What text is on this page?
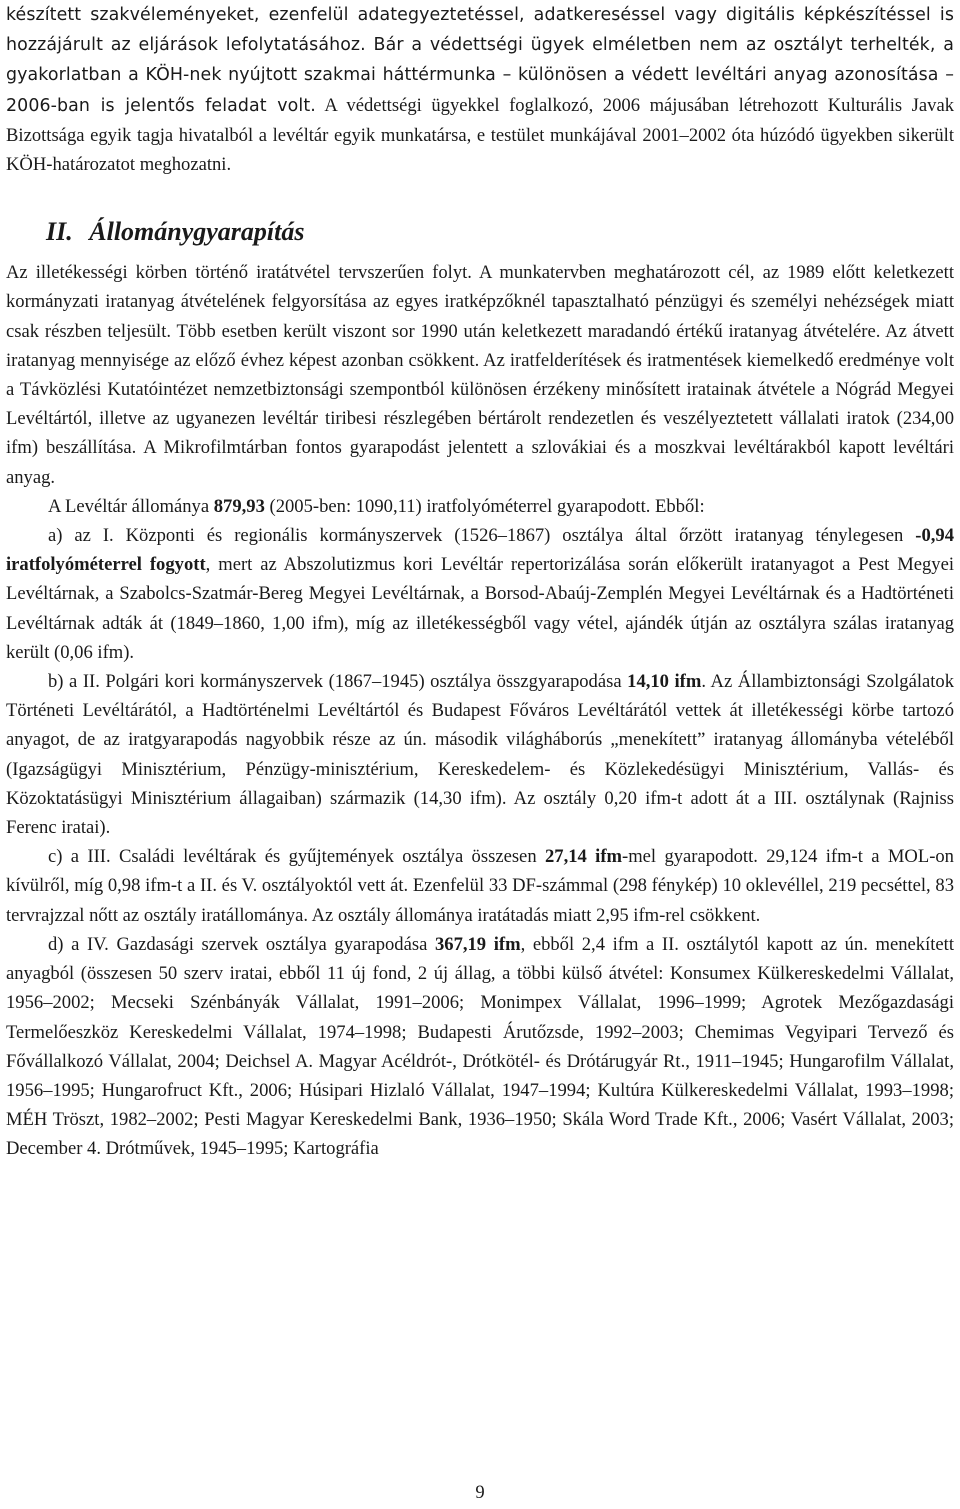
készített szakvéleményeket, ezenfelül adategyeztetéssel, adatkereséssel vagy digitális képkészítéssel is hozzájárult az eljárások lefolytatásához. Bár a védettségi ügyek elméletben nem az osztályt terhelték, a gyakorlatban a KÖH-nek nyújtott szakmai háttérmunka – különösen a védett levéltári anyag azonosítása – 2006-ban is jelentős feladat volt. A védettségi ügyekkel foglalkozó, 2006 májusában létrehozott Kulturális Javak Bizottsága egyik tagja hivatalból a levéltár egyik munkatársa, e testület munkájával 2001–2002 óta húzódó ügyekben sikerült KÖH-határozatot meghozatni.

II. Állománygyarapítás

Az illetékességi körben történő iratátvétel tervszerűen folyt. A munkatervben meghatározott cél, az 1989 előtt keletkezett kormányzati iratanyag átvételének felgyorsítása az egyes iratképzőknél tapasztalható pénzügyi és személyi nehézségek miatt csak részben teljesült. Több esetben került viszont sor 1990 után keletkezett maradandó értékű iratanyag átvételére. Az átvett iratanyag mennyisége az előző évhez képest azonban csökkent. Az iratfelderítések és iratmentések kiemelkedő eredménye volt a Távközlési Kutatóintézet nemzetbiztonsági szempontból különösen érzékeny minősített iratainak átvétele a Nógrád Megyei Levéltártól, illetve az ugyanezen levéltár tiribesi részlegében bértárolt rendezetlen és veszélyeztetett vállalati iratok (234,00 ifm) beszállítása. A Mikrofilmtárban fontos gyarapodást jelentett a szlovákiai és a moszkvai levéltárakból kapott levéltári anyag.

A Levéltár állománya 879,93 (2005-ben: 1090,11) iratfolyóméterrel gyarapodott. Ebből:

a) az I. Központi és regionális kormányszervek (1526–1867) osztálya által őrzött iratanyag ténylegesen -0,94 iratfolyóméterrel fogyott, mert az Abszolutizmus kori Levéltár repertorizálása során előkerült iratanyagot a Pest Megyei Levéltárnak, a Szabolcs-Szatmár-Bereg Megyei Levéltárnak, a Borsod-Abaúj-Zemplén Megyei Levéltárnak és a Hadtörténeti Levéltárnak adták át (1849–1860, 1,00 ifm), míg az illetékességből vagy vétel, ajándék útján az osztályra szálas iratanyag került (0,06 ifm).

b) a II. Polgári kori kormányszervek (1867–1945) osztálya összgyarapodása 14,10 ifm. Az Állambiztonsági Szolgálatok Történeti Levéltárától, a Hadtörténelmi Levéltártól és Budapest Főváros Levéltárától vettek át illetékességi körbe tartozó anyagot, de az iratgyarapodás nagyobbik része az ún. második világháborús „menekített” iratanyag állományba vételéből (Igazságügyi Minisztérium, Pénzügy-minisztérium, Kereskedelem- és Közlekedésügyi Minisztérium, Vallás- és Közoktatásügyi Minisztérium állagaiban) származik (14,30 ifm). Az osztály 0,20 ifm-t adott át a III. osztálynak (Rajniss Ferenc iratai).

c) a III. Családi levéltárak és gyűjtemények osztálya összesen 27,14 ifm-mel gyarapodott. 29,124 ifm-t a MOL-on kívülről, míg 0,98 ifm-t a II. és V. osztályoktól vett át. Ezenfelül 33 DF-számmal (298 fénykép) 10 oklevéllel, 219 pecséttel, 83 tervrajzzal nőtt az osztály iratállománya. Az osztály állománya iratátadás miatt 2,95 ifm-rel csökkent.

d) a IV. Gazdasági szervek osztálya gyarapodása 367,19 ifm, ebből 2,4 ifm a II. osztálytól kapott az ún. menekített anyagból (összesen 50 szerv iratai, ebből 11 új fond, 2 új állag, a többi külső átvétel: Konsumex Külkereskedelmi Vállalat, 1956–2002; Mecseki Szénbányák Vállalat, 1991–2006; Monimpex Vállalat, 1996–1999; Agrotek Mezőgazdasági Termelőeszköz Kereskedelmi Vállalat, 1974–1998; Budapesti Árutőzsde, 1992–2003; Chemimas Vegyipari Tervező és Fővállalkozó Vállalat, 2004; Deichsel A. Magyar Acéldrót-, Drótkötél- és Drótárugyár Rt., 1911–1945; Hungarofilm Vállalat, 1956–1995; Hungarofruct Kft., 2006; Húsipari Hizlaló Vállalat, 1947–1994; Kultúra Külkereskedelmi Vállalat, 1993–1998; MÉH Tröszt, 1982–2002; Pesti Magyar Kereskedelmi Bank, 1936–1950; Skála Word Trade Kft., 2006; Vasért Vállalat, 2003; December 4. Drótművek, 1945–1995; Kartográfia

9
